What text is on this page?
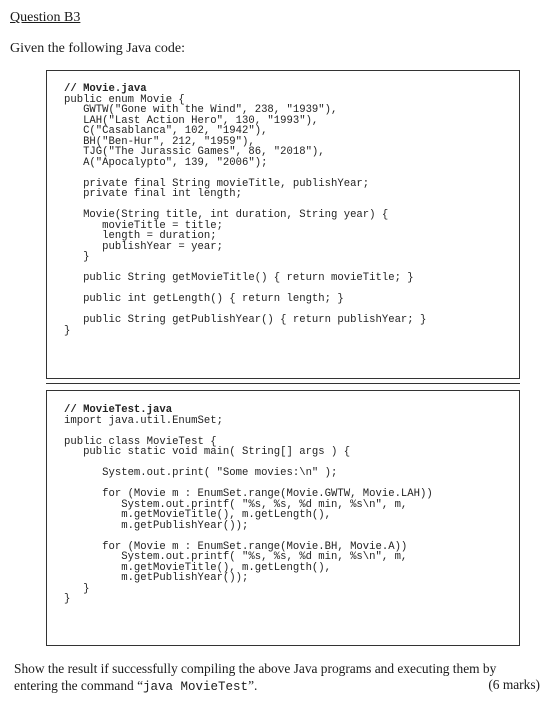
Question B3
Given the following Java code:
// Movie.java
public enum Movie {
GWTW("Gone with the Wind", 238, "1939"),
LAH("Last Action Hero", 130, "1993"),
C("Casablanca", 102, "1942"),
BH("Ben-Hur", 212, "1959"),
TJG("The Jurassic Games", 86, "2018"),
A("Apocalypto", 139, "2006");

private final String movieTitle, publishYear;
private final int length;

Movie(String title, int duration, String year) {
movieTitle = title;
length = duration;
publishYear = year;
}

public String getMovieTitle() { return movieTitle; }

public int getLength() { return length; }

public String getPublishYear() { return publishYear; }
}
// MovieTest.java
import java.util.EnumSet;

public class MovieTest {
public static void main( String[] args ) {

System.out.print( "Some movies:\n" );

for (Movie m : EnumSet.range(Movie.GWTW, Movie.LAH))
System.out.printf( "%s, %s, %d min, %s\n", m,
m.getMovieTitle(), m.getLength(),
m.getPublishYear());

for (Movie m : EnumSet.range(Movie.BH, Movie.A))
System.out.printf( "%s, %s, %d min, %s\n", m,
m.getMovieTitle(), m.getLength(),
m.getPublishYear());
}
}
Show the result if successfully compiling the above Java programs and executing them by entering the command “java MovieTest”.	(6 marks)
